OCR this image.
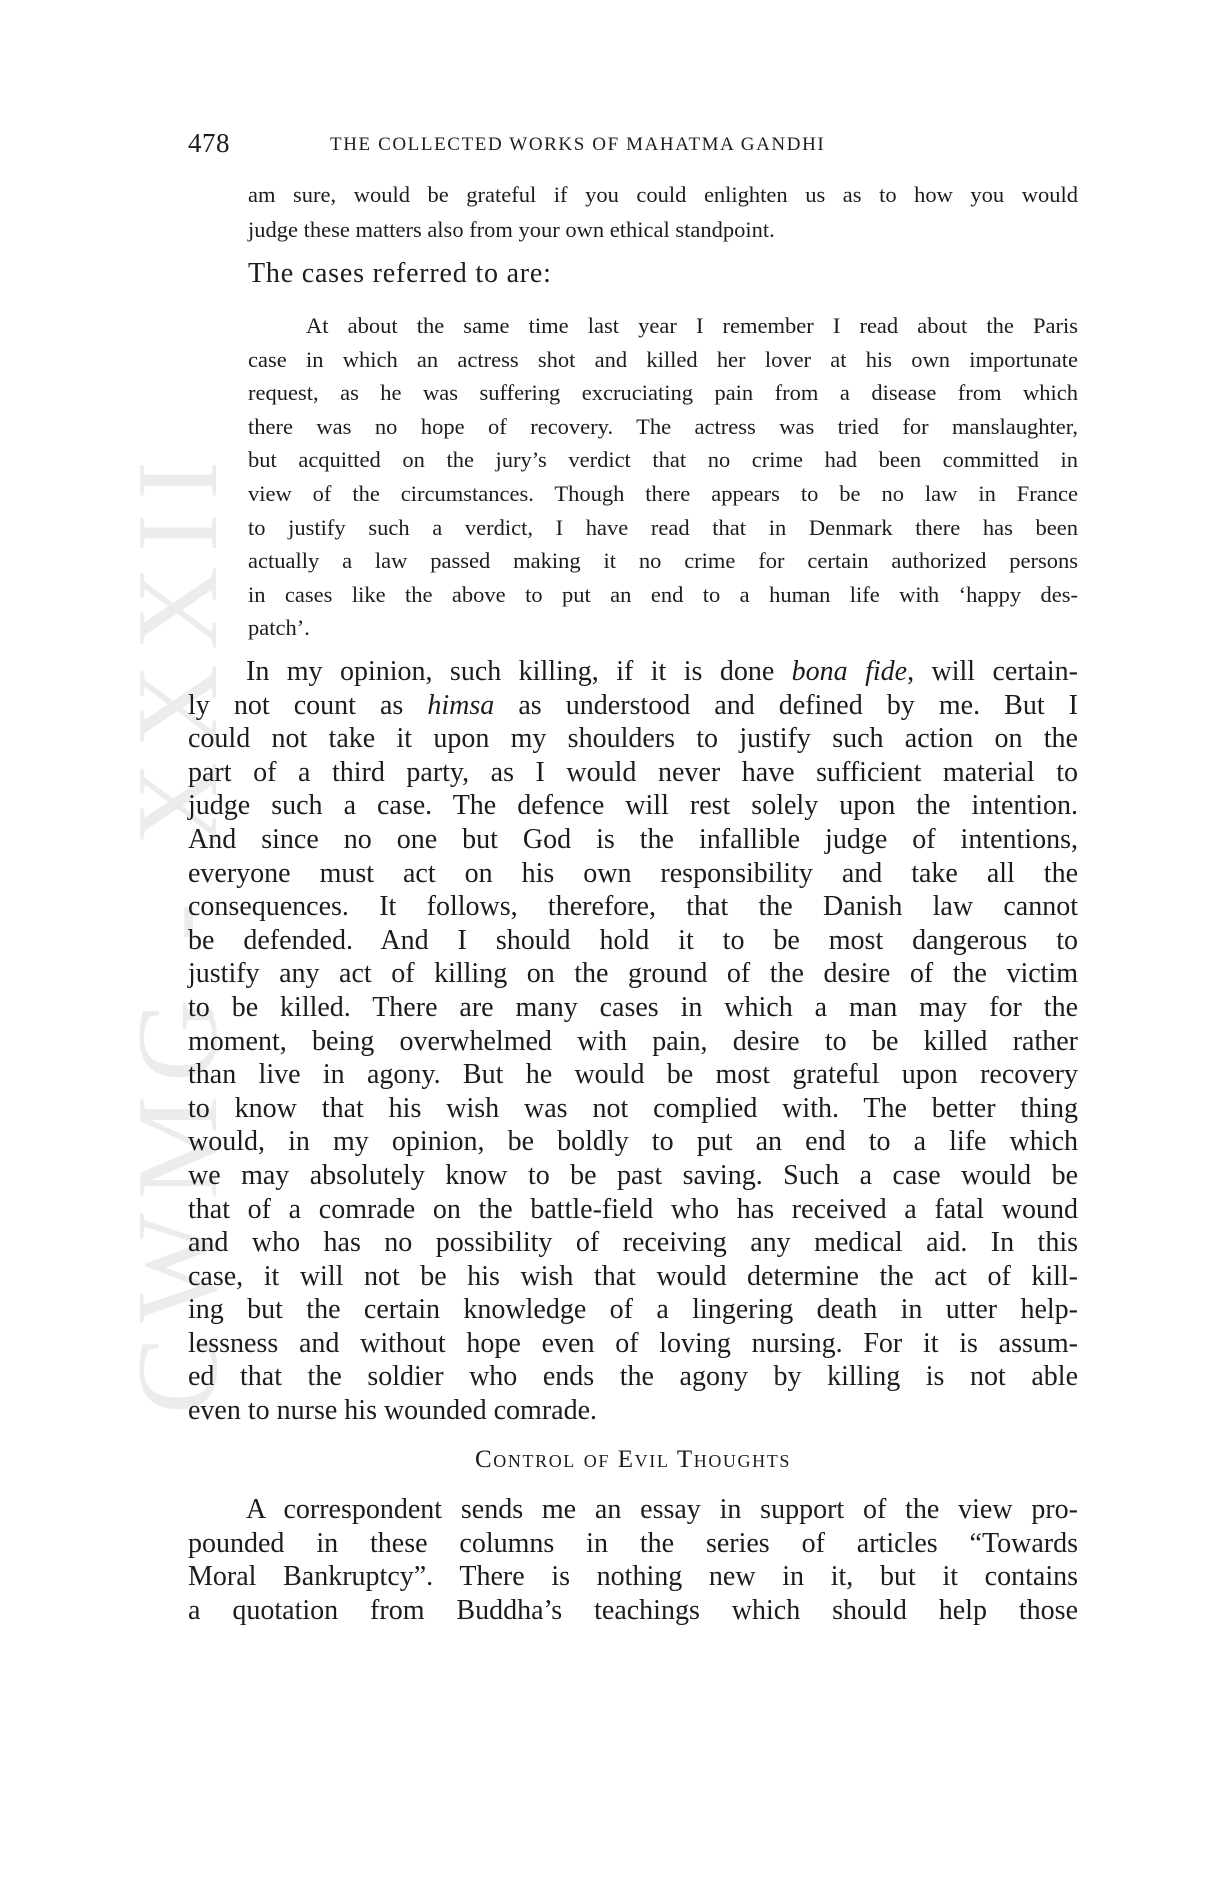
CWMG - XXXII
478	THE COLLECTED WORKS OF MAHATMA GANDHI
am sure, would be grateful if you could enlighten us as to how you would
judge these matters also from your own ethical standpoint.
The cases referred to are:
At about the same time last year I remember I read about the Paris
case in which an actress shot and killed her lover at his own importunate
request, as he was suffering excruciating pain from a disease from which
there was no hope of recovery. The actress was tried for manslaughter,
but acquitted on the jury’s verdict that no crime had been committed in
view of the circumstances. Though there appears to be no law in France
to justify such a verdict, I have read that in Denmark there has been
actually a law passed making it no crime for certain authorized persons
in cases like the above to put an end to a human life with ‘happy des-
patch’.
In my opinion, such killing, if it is done bona fide, will certain-
ly not count as himsa as understood and defined by me. But I
could not take it upon my shoulders to justify such action on the
part of a third party, as I would never have sufficient material to
judge such a case. The defence will rest solely upon the intention.
And since no one but God is the infallible judge of intentions,
everyone must act on his own responsibility and take all the
consequences. It follows, therefore, that the Danish law cannot
be defended. And I should hold it to be most dangerous to
justify any act of killing on the ground of the desire of the victim
to be killed. There are many cases in which a man may for the
moment, being overwhelmed with pain, desire to be killed rather
than live in agony. But he would be most grateful upon recovery
to know that his wish was not complied with. The better thing
would, in my opinion, be boldly to put an end to a life which
we may absolutely know to be past saving. Such a case would be
that of a comrade on the battle-field who has received a fatal wound
and who has no possibility of receiving any medical aid. In this
case, it will not be his wish that would determine the act of kill-
ing but the certain knowledge of a lingering death in utter help-
lessness and without hope even of loving nursing. For it is assum-
ed that the soldier who ends the agony by killing is not able
even to nurse his wounded comrade.
Control of Evil Thoughts
A correspondent sends me an essay in support of the view pro-
pounded in these columns in the series of articles “Towards
Moral Bankruptcy”. There is nothing new in it, but it contains
a quotation from Buddha’s teachings which should help those
